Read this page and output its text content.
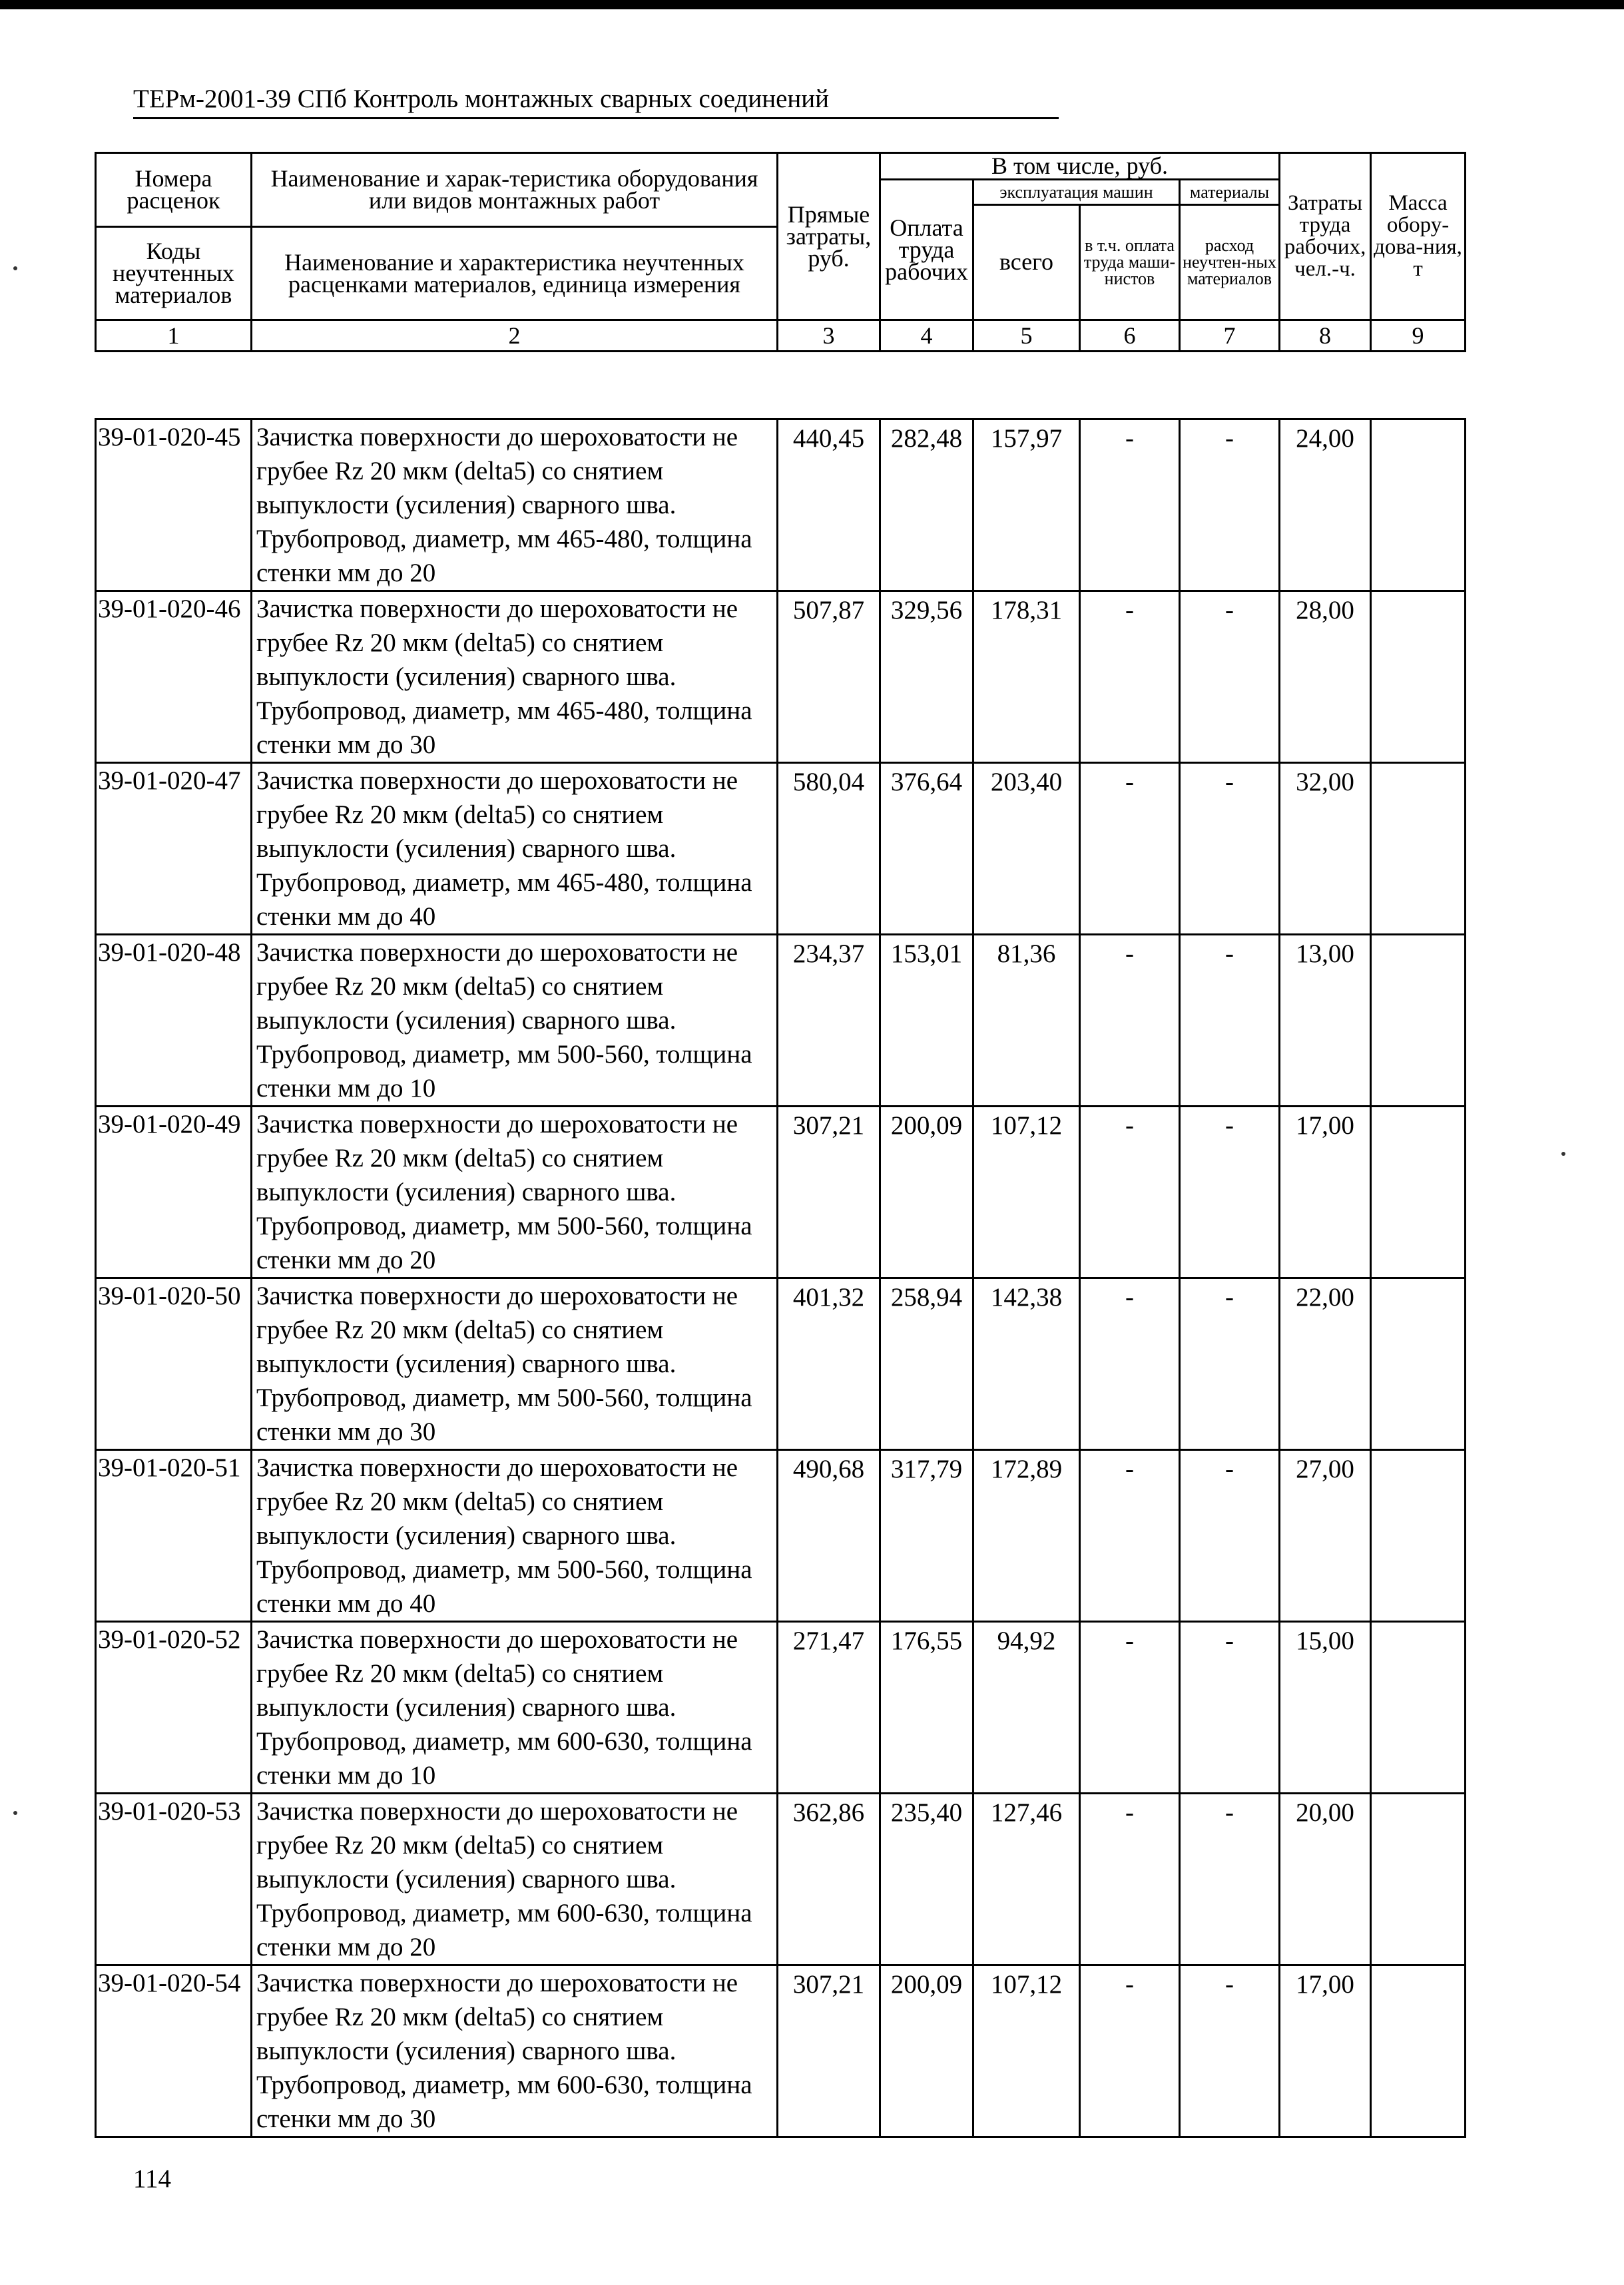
ТЕРм-2001-39 СПб Контроль монтажных сварных соединений
Номера расценок	Наименование и харак-теристика оборудования или видов монтажных работ	Прямые затраты, руб.	В том числе, руб.				Затраты труда рабочих, чел.-ч.	Масса обору-дова-ния, т
			Оплата труда рабочих	эксплуатация машин		материалы		
				всего	в т.ч. оплата труда маши-нистов	расход неучтен-ных материалов		
Коды неучтенных материалов	Наименование и характеристика неучтенных расценками материалов, единица измерения							

1	2	3	4	5	6	7	8	9
39-01-020-45	Зачистка поверхности до шероховатости не грубее Rz 20 мкм (delta5) со снятием выпуклости (усиления) сварного шва. Трубопровод, диаметр, мм 465-480, толщина стенки мм до 20	440,45	282,48	157,97	-	-	24,00	
39-01-020-46	Зачистка поверхности до шероховатости не грубее Rz 20 мкм (delta5) со снятием выпуклости (усиления) сварного шва. Трубопровод, диаметр, мм 465-480, толщина стенки мм до 30	507,87	329,56	178,31	-	-	28,00	
39-01-020-47	Зачистка поверхности до шероховатости не грубее Rz 20 мкм (delta5) со снятием выпуклости (усиления) сварного шва. Трубопровод, диаметр, мм 465-480, толщина стенки мм до 40	580,04	376,64	203,40	-	-	32,00	
39-01-020-48	Зачистка поверхности до шероховатости не грубее Rz 20 мкм (delta5) со снятием выпуклости (усиления) сварного шва. Трубопровод, диаметр, мм 500-560, толщина стенки мм до 10	234,37	153,01	81,36	-	-	13,00	
39-01-020-49	Зачистка поверхности до шероховатости не грубее Rz 20 мкм (delta5) со снятием выпуклости (усиления) сварного шва. Трубопровод, диаметр, мм 500-560, толщина стенки мм до 20	307,21	200,09	107,12	-	-	17,00	
39-01-020-50	Зачистка поверхности до шероховатости не грубее Rz 20 мкм (delta5) со снятием выпуклости (усиления) сварного шва. Трубопровод, диаметр, мм 500-560, толщина стенки мм до 30	401,32	258,94	142,38	-	-	22,00	
39-01-020-51	Зачистка поверхности до шероховатости не грубее Rz 20 мкм (delta5) со снятием выпуклости (усиления) сварного шва. Трубопровод, диаметр, мм 500-560, толщина стенки мм до 40	490,68	317,79	172,89	-	-	27,00	
39-01-020-52	Зачистка поверхности до шероховатости не грубее Rz 20 мкм (delta5) со снятием выпуклости (усиления) сварного шва. Трубопровод, диаметр, мм 600-630, толщина стенки мм до 10	271,47	176,55	94,92	-	-	15,00	
39-01-020-53	Зачистка поверхности до шероховатости не грубее Rz 20 мкм (delta5) со снятием выпуклости (усиления) сварного шва. Трубопровод, диаметр, мм 600-630, толщина стенки мм до 20	362,86	235,40	127,46	-	-	20,00	
39-01-020-54	Зачистка поверхности до шероховатости не грубее Rz 20 мкм (delta5) со снятием выпуклости (усиления) сварного шва. Трубопровод, диаметр, мм 600-630, толщина стенки мм до 30	307,21	200,09	107,12	-	-	17,00	
114
